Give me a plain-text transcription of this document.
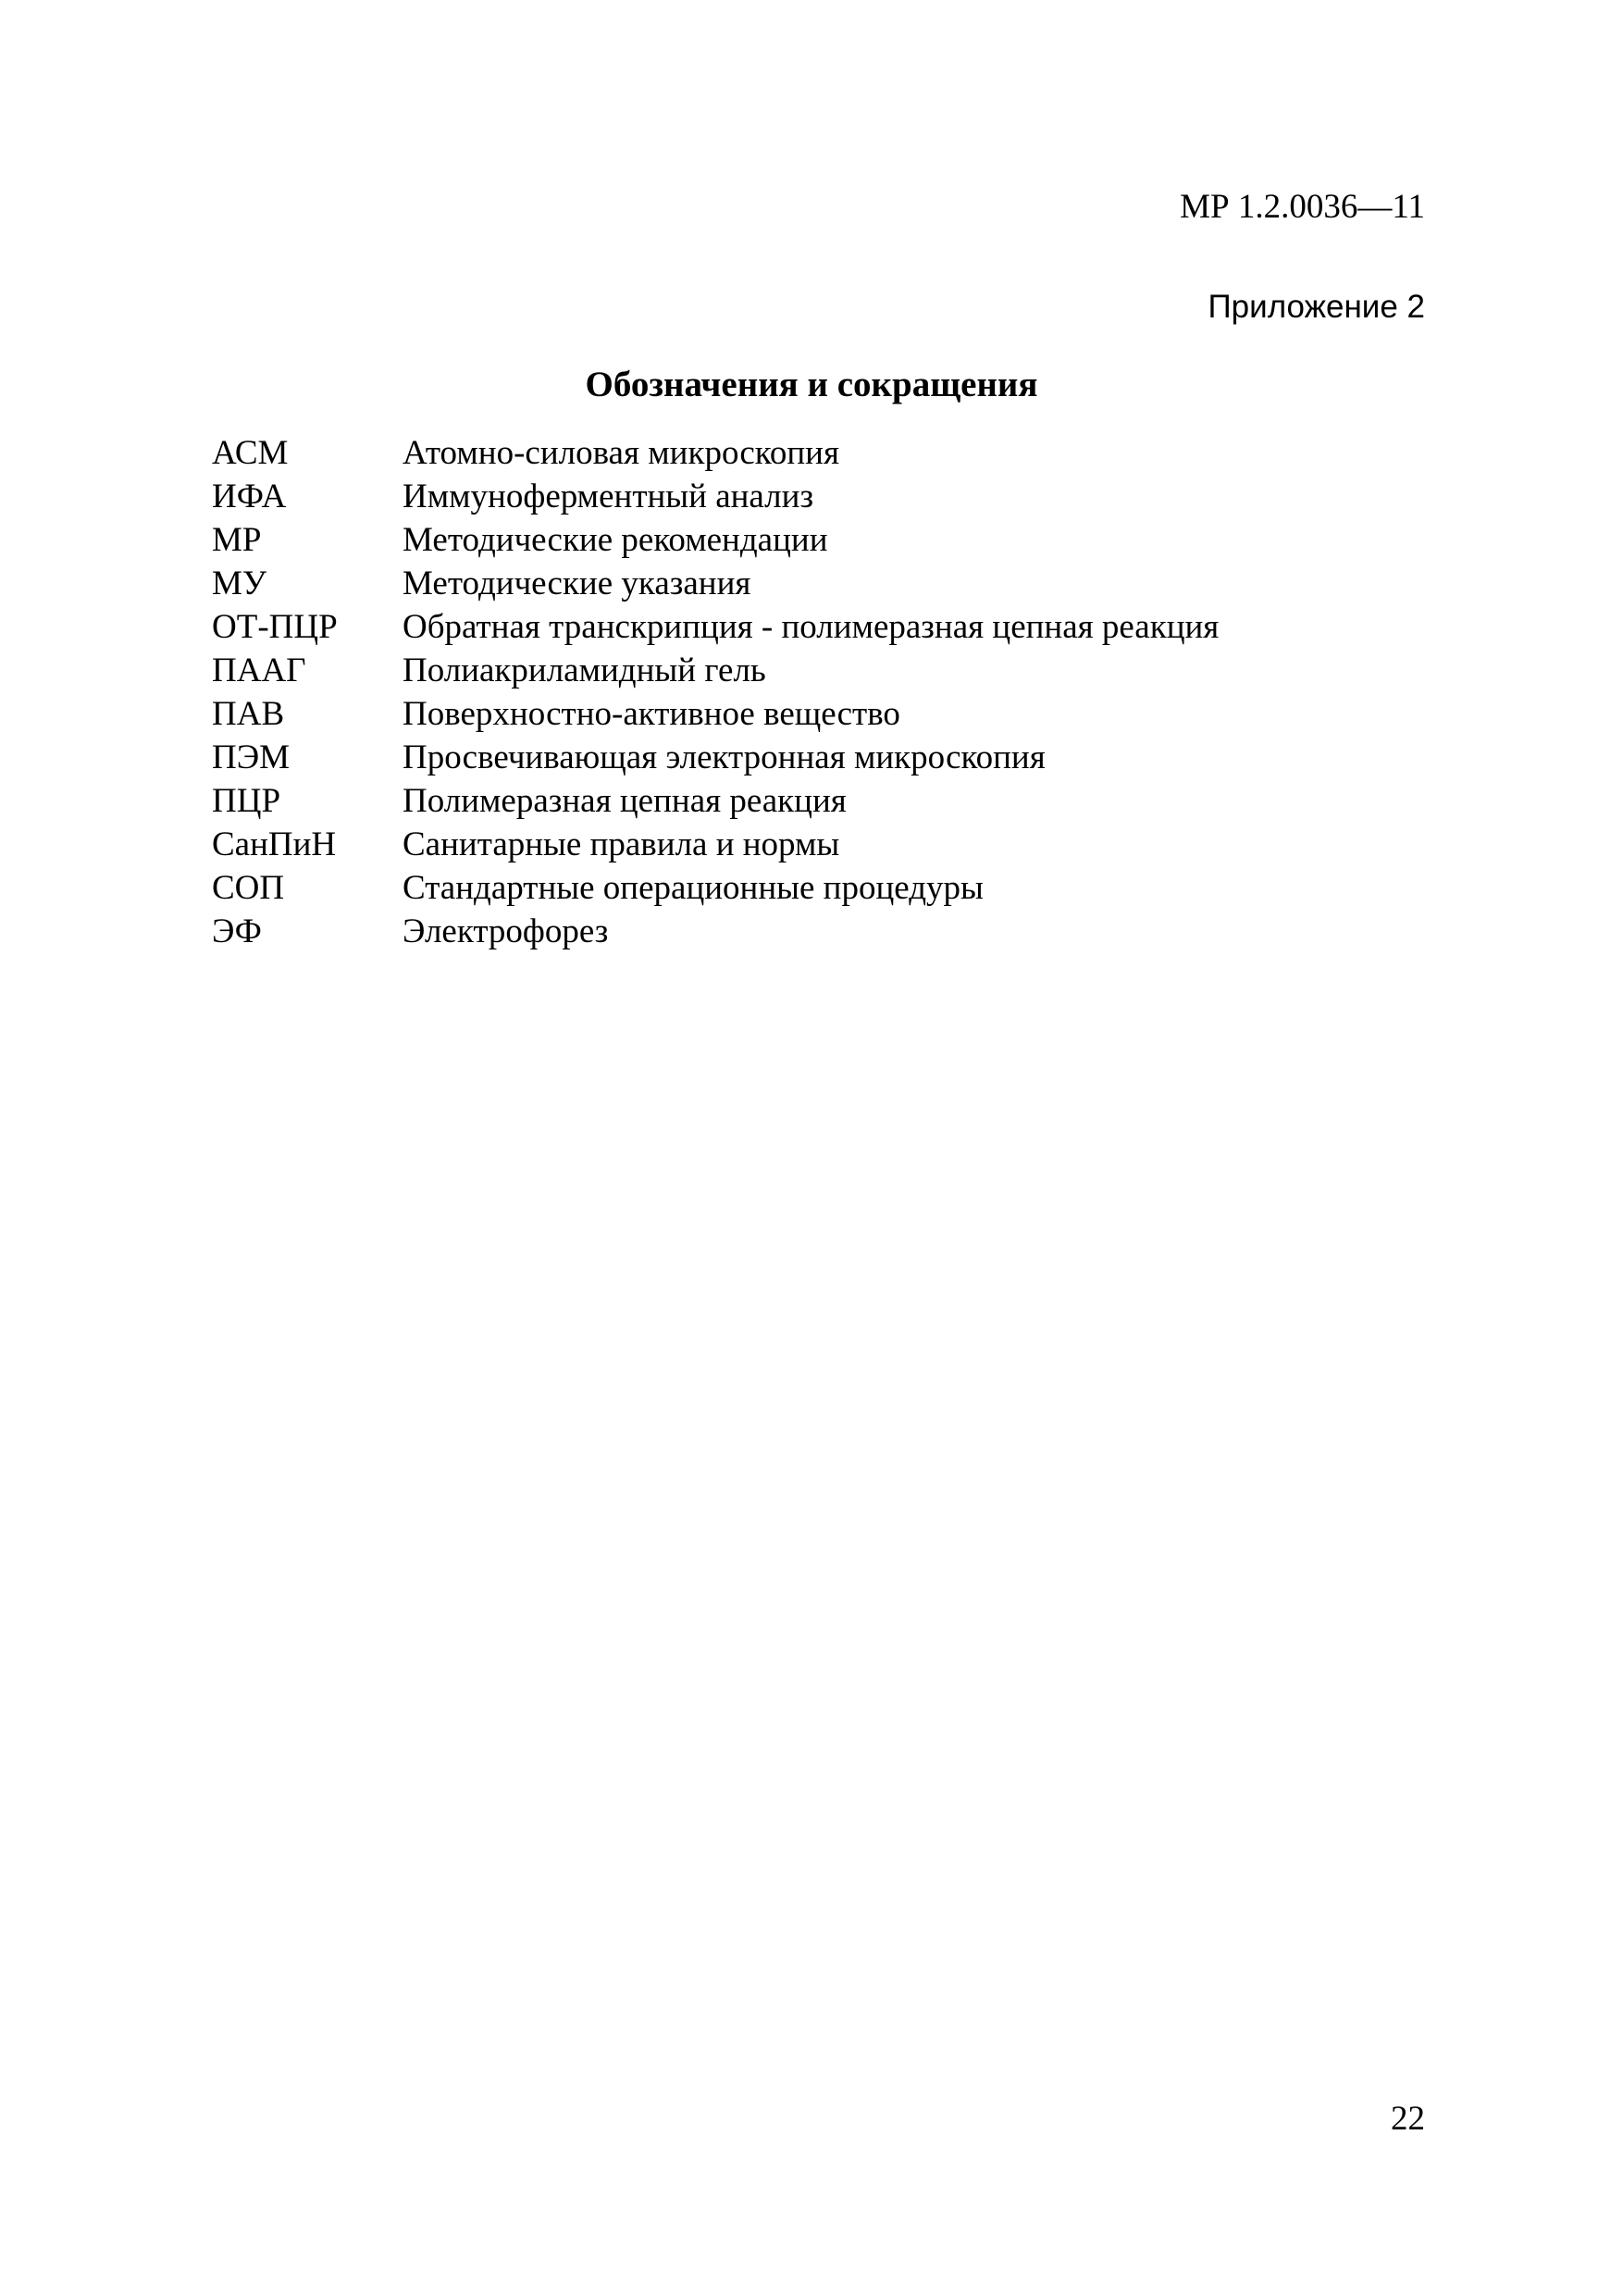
МР 1.2.0036—11
Приложение 2
Обозначения и сокращения
АСМ	Атомно-силовая микроскопия
ИФА	Иммуноферментный анализ
МР	Методические рекомендации
МУ	Методические указания
ОТ-ПЦР	Обратная транскрипция - полимеразная цепная реакция
ПААГ	Полиакриламидный гель
ПАВ	Поверхностно-активное вещество
ПЭМ	Просвечивающая электронная микроскопия
ПЦР	Полимеразная цепная реакция
СанПиН	Санитарные правила и нормы
СОП	Стандартные операционные процедуры
ЭФ	Электрофорез
22
